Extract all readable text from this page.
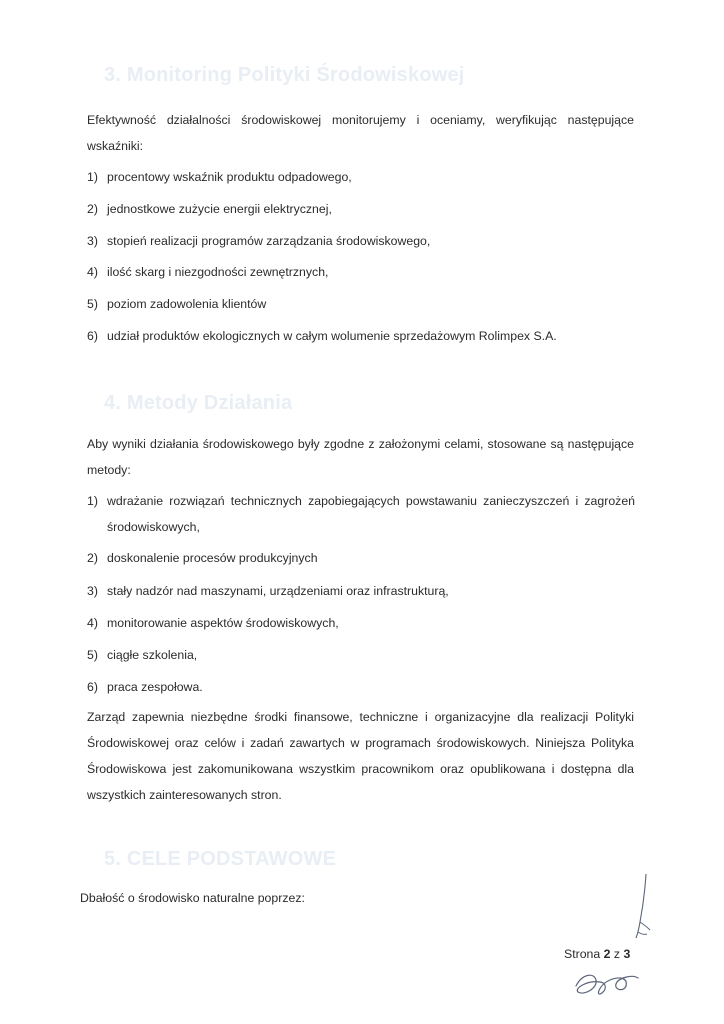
3. Monitoring Polityki Środowiskowej
Efektywność działalności środowiskowej monitorujemy i oceniamy, weryfikując następujące wskaźniki:
1) procentowy wskaźnik produktu odpadowego,
2) jednostkowe zużycie energii elektrycznej,
3) stopień realizacji programów zarządzania środowiskowego,
4) ilość skarg i niezgodności zewnętrznych,
5) poziom zadowolenia klientów
6) udział produktów ekologicznych w całym wolumenie sprzedażowym Rolimpex S.A.
4. Metody Działania
Aby wyniki działania środowiskowego były zgodne z założonymi celami, stosowane są następujące metody:
1) wdrażanie rozwiązań technicznych zapobiegających powstawaniu zanieczyszczeń i zagrożeń środowiskowych,
2) doskonalenie procesów produkcyjnych
3) stały nadzór nad maszynami, urządzeniami oraz infrastrukturą,
4) monitorowanie aspektów środowiskowych,
5) ciągłe szkolenia,
6) praca zespołowa.
Zarząd zapewnia niezbędne środki finansowe, techniczne i organizacyjne dla realizacji Polityki Środowiskowej oraz celów i zadań zawartych w programach środowiskowych. Niniejsza Polityka Środowiskowa jest zakomunikowana wszystkim pracownikom oraz opublikowana i dostępna dla wszystkich zainteresowanych stron.
5. CELE PODSTAWOWE
Dbałość o środowisko naturalne poprzez:
Strona 2 z 3
